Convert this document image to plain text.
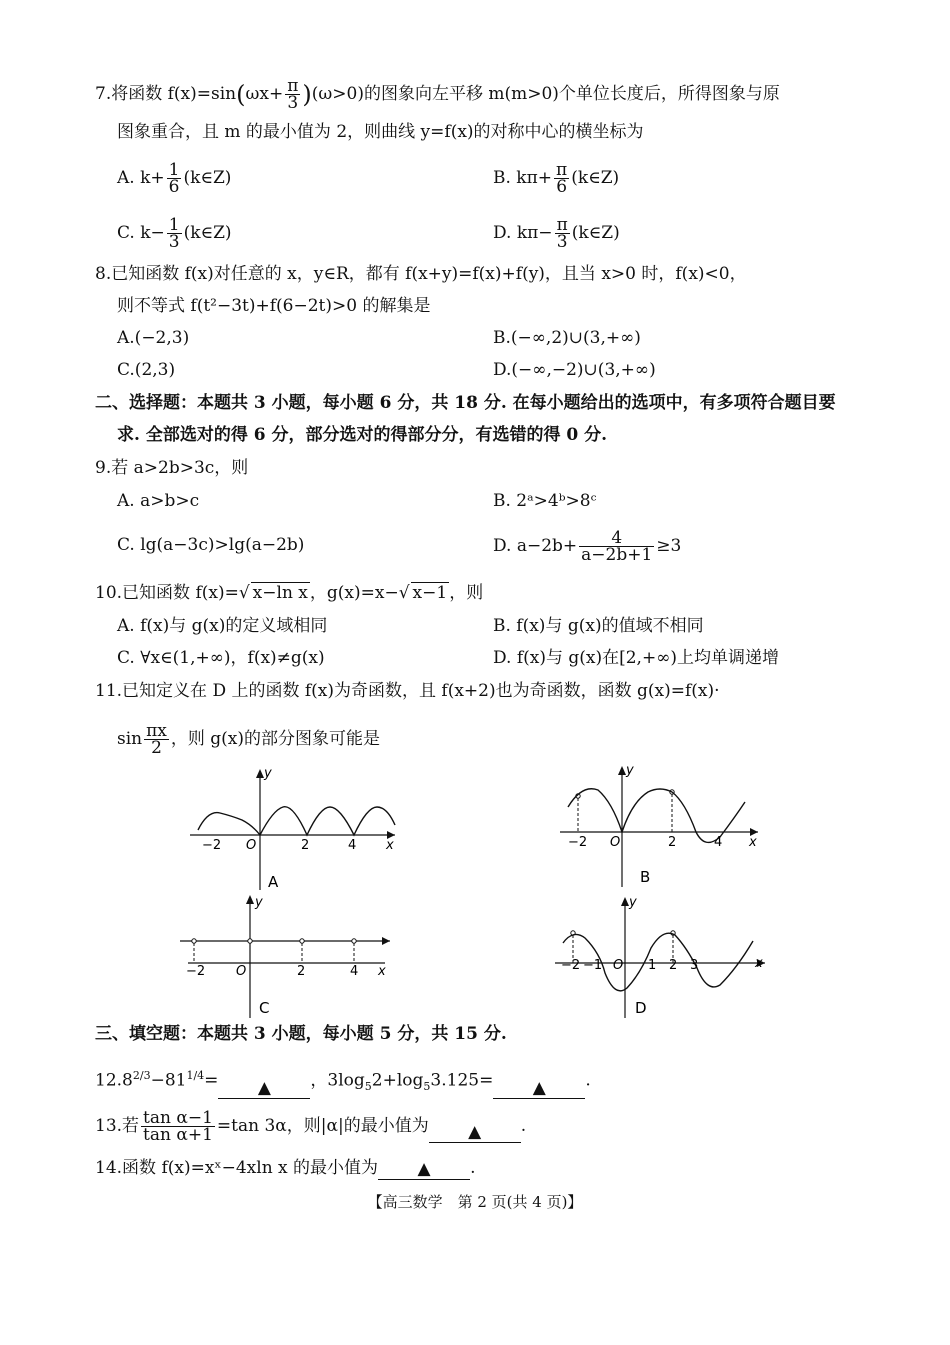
7.将函数 $f(x)=\sin(\omega x+ \frac{\pi}{3} )(\omega>0)$的图象向左平移 m(m>0)个单位长度后，所得图象与原
图象重合，且 m 的最小值为 2，则曲线 y=f(x)的对称中心的横坐标为
A. $k+ \frac{1}{6}$ (k∈Z)	B. $k\pi+ \frac{\pi}{6}$ (k∈Z)
C. $k- \frac{1}{3}$ (k∈Z)	D. $k\pi- \frac{\pi}{3}$ (k∈Z)
8.已知函数 f(x)对任意的 x，y∈R，都有 f(x+y)=f(x)+f(y)，且当 x>0 时，f(x)<0，
则不等式 f(t²−3t)+f(6−2t)>0 的解集是
A.(−2,3)	B.(−∞,2)∪(3,+∞)
C.(2,3)	D.(−∞,−2)∪(3,+∞)
二、选择题：本题共 3 小题，每小题 6 分，共 18 分. 在每小题给出的选项中，有多项符合题目要
求. 全部选对的得 6 分，部分选对的得部分分，有选错的得 0 分.
9.若 a>2b>3c，则
A. a>b>c	B. 2ᵃ>4ᵇ>8ᶜ
C. lg(a−3c)>lg(a−2b)	D. $a-2b+ \frac{4}{a-2b+1} \ge 3$
10.已知函数 f(x)=√ x−ln x ，g(x)=x−√ x−1 ，则
A. f(x)与 g(x)的定义域相同	B. f(x)与 g(x)的值域不相同
C. ∀x∈(1,+∞)，f(x)≠g(x)	D. f(x)与 g(x)在[2,+∞)上均单调递增
11.已知定义在 D 上的函数 f(x)为奇函数，且 f(x+2)也为奇函数，函数 g(x)=f(x)·
$\sin \frac{\pi x}{2}$ ，则 g(x)的部分图象可能是
y
x
O
−2	2	4
A
y
x
O
−2	2	4
B
y
x
O
−2	2	4
C
y
x
O
−2 −1	1 2 3
D
三、填空题：本题共 3 小题，每小题 5 分，共 15 分.
$12.8^{2/3}-81^{1/4}=$ ▲ ，$3\log_52+\log_53.125=$ ▲ .
13.若 $\frac{\text{tan α−1}}{\text{tan α+1}} =\tan$ 3α，则|α|的最小值为 ▲ .
14.函数 f(x)=xˣ−4xln x 的最小值为 ▲ .
【高三数学　第 2 页(共 4 页)】
